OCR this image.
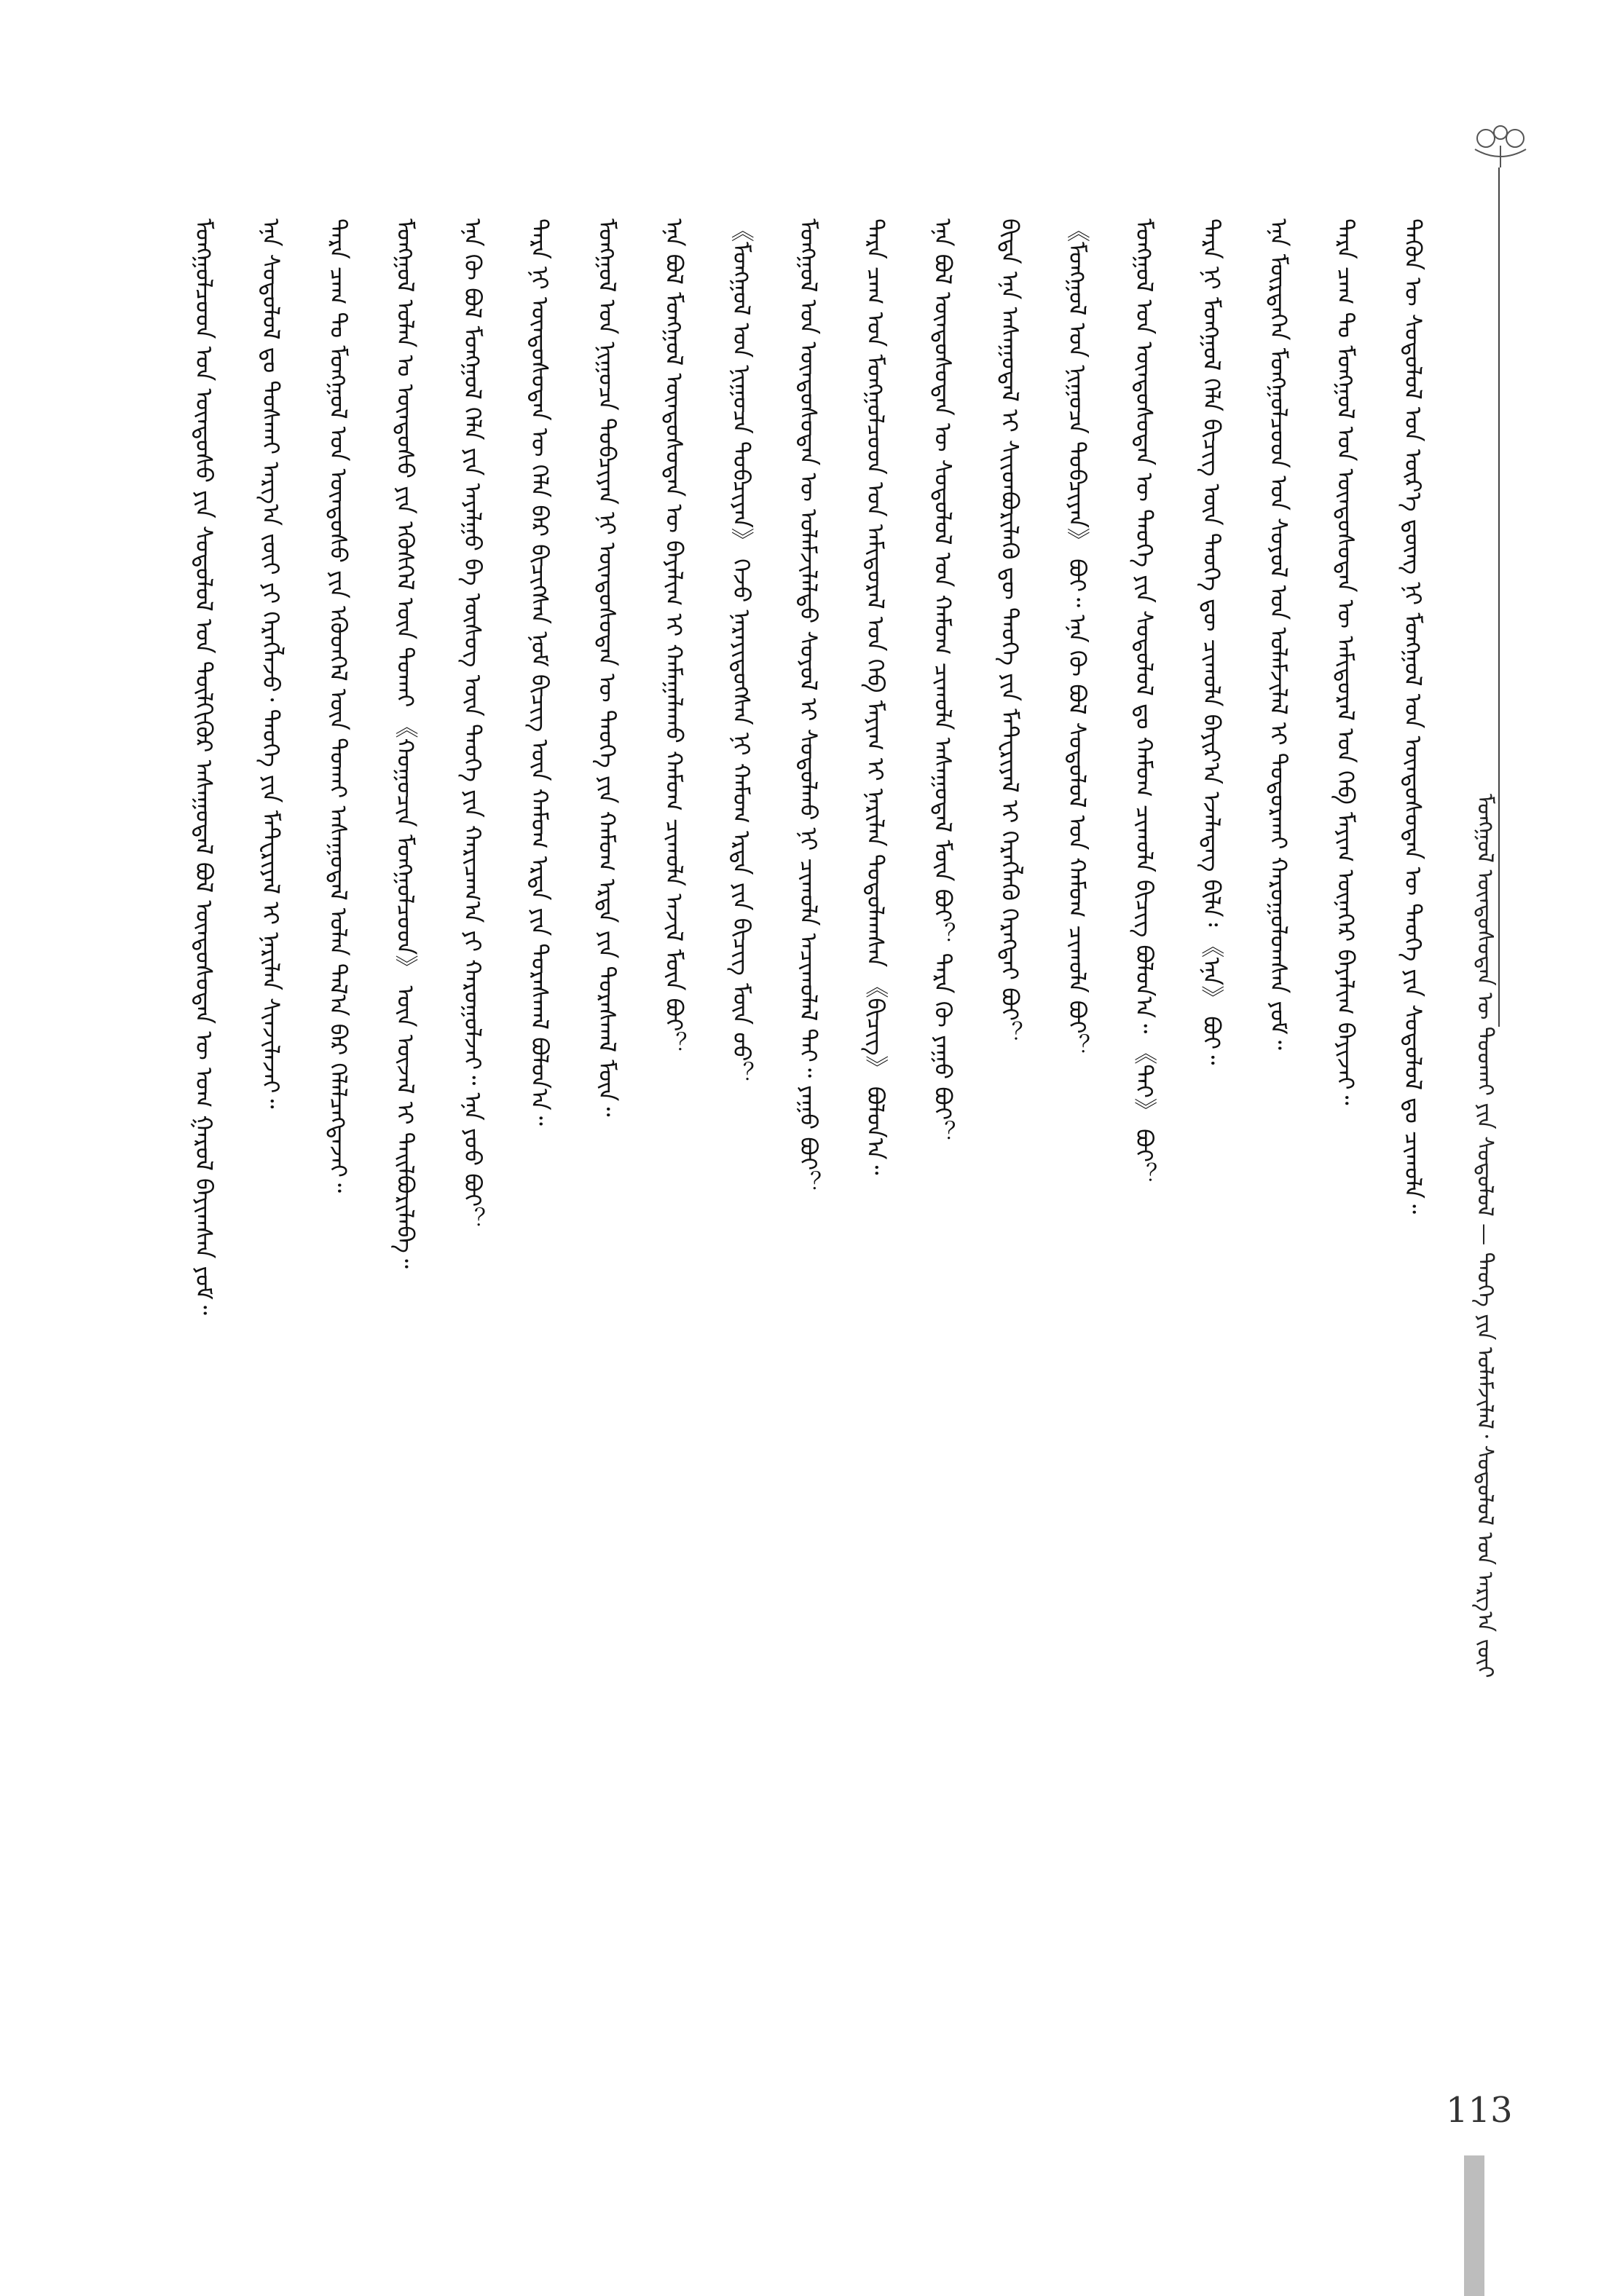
ᠮᠣᠩᠭᠣᠯ ᠦᠨᠳᠦᠰᠦᠲᠡᠨ ᠦ ᠲᠤᠤᠬᠠᠢ ᠶᠢᠨ ᠰᠤᠳᠤᠯᠤᠯ — ᠲᠡᠦᠬᠡ ᠶᠢᠨ ᠤᠯᠠᠮᠵᠢᠯᠠᠯ᠂ ᠰᠤᠳᠤᠯᠤᠯ ᠤᠨ ᠠᠷᠭ᠎ᠠ ᠵᠦᠢ
ᠮᠣᠩᠭᠣᠯᠴᠤᠳ ᠤᠨ ᠦᠨᠳᠦᠰᠦ ᠶᠢᠨ ᠰᠤᠳᠤᠯᠤᠯ ᠤᠨ ᠲᠦᠯᠬᠢᠭᠦᠷ ᠠᠰᠠᠭᠤᠳᠠᠯ ᠪᠣᠯ ᠦᠨᠳᠦᠰᠦᠲᠡᠨ ᠦ ᠤᠭ ᠭᠠᠷᠤᠯ ᠪᠠᠶᠢᠭᠰᠠᠨ ᠶᠤᠮ᠃ ᠡᠨᠡ ᠰᠤᠳᠤᠯᠤᠯ ᠳᠤ ᠲᠤᠰᠬᠠᠢ ᠠᠷᠭ᠎ᠠ ᠵᠦᠢ ᠶᠢ ᠬᠡᠷᠡᠭᠯᠡᠵᠦ᠂ ᠲᠡᠦᠬᠡ ᠶᠢᠨ ᠮᠠᠲ᠋ᠸᠷᠢᠶᠠᠯ ᠢ ᠨᠠᠷᠢᠯᠠᠨ ᠰᠢᠨᠵᠢᠯᠡᠵᠡᠢ᠃ ᠲᠡᠷᠡ ᠴᠠᠭ ᠲᠤ ᠮᠣᠩᠭᠣᠯ ᠤᠨ ᠦᠨᠳᠦᠰᠦ ᠶᠢᠨ ᠡᠭᠦᠳᠬᠡᠯ ᠦᠨ ᠲᠤᠬᠠᠢ ᠠᠰᠠᠭᠤᠳᠠᠯ ᠣᠯᠠᠨ ᠲᠠᠯ᠎ᠠ ᠪᠠᠷ ᠬᠡᠯᠡᠯᠴᠡᠭᠳᠡᠵᠡᠢ᠃ ᠮᠣᠩᠭᠣᠯ ᠣᠯᠠᠨ ᠤ ᠦᠨᠳᠦᠰᠦ ᠶᠢᠨ ᠡᠭᠦᠰᠬᠡᠯ ᠦᠨ ᠲᠤᠬᠠᠢ 《ᠬᠤᠭᠤᠴᠢᠨ ᠮᠣᠩᠭᠣᠯᠴᠤᠳ》 ᠦᠨ ᠦᠵᠡᠯ ᠢ ᠲᠠᠢᠯᠪᠤᠷᠢᠯᠠᠪᠠ᠃ ᠡᠨᠡ ᠬᠦ ᠪᠣᠯ ᠮᠣᠩᠭᠣᠯ ᠬᠡᠯᠡ ᠶᠢᠨ ᠠᠶᠠᠯᠭᠤ ᠪᠠ ᠦᠰᠦᠭ ᠦᠨ ᠲᠡᠦᠬᠡ ᠶᠢᠨ ᠬᠠᠷᠢᠴᠠᠭ᠎ᠠ ᠶᠢ ᠬᠠᠷᠤᠭᠤᠯᠵᠠᠢ᠃ ᠡᠨᠡ ᠶᠤᠤ ᠪᠤᠢ？ ᠲᠡᠷᠡ ᠨᠢ ᠦᠨᠳᠦᠰᠦᠲᠡᠨ ᠦ ᠬᠡᠯᠡ ᠪᠡᠷ ᠪᠢᠴᠢᠭᠰᠡᠨ ᠨᠣᠮ ᠪᠢᠴᠢᠭ ᠦᠨ ᠬᠠᠮᠤᠭ ᠡᠷᠲᠡ ᠶᠢᠨ ᠳᠤᠷᠠᠰᠬᠠᠯ ᠪᠣᠯᠤᠨ᠎ᠠ᠃ ᠮᠣᠩᠭᠣᠯ ᠤᠨ ᠨᠢᠭᠤᠴᠠ ᠲᠣᠪᠴᠢᠶᠠᠨ ᠨᠢ ᠦᠨᠳᠦᠰᠦᠲᠡᠨ ᠦ ᠲᠡᠦᠬᠡ ᠶᠢᠨ ᠬᠠᠮᠤᠭ ᠡᠷᠲᠡ ᠶᠢᠨ ᠳᠤᠷᠠᠰᠬᠠᠯ ᠮᠥᠨ᠃ ᠡᠨᠡ ᠪᠣᠯ ᠮᠣᠩᠭᠣᠯ ᠦᠨᠳᠦᠰᠦᠲᠡᠨ ᠦ ᠪᠠᠶᠠᠯᠢᠭ ᠢ ᠬᠠᠮᠠᠭᠠᠯᠠᠬᠤ ᠬᠠᠮᠤᠭ ᠴᠢᠬᠤᠯᠠ ᠠᠵᠢᠯ ᠮᠥᠨ ᠪᠤᠢ？ 《ᠮᠣᠩᠭᠣᠯ ᠤᠨ ᠨᠢᠭᠤᠴᠠ ᠲᠣᠪᠴᠢᠶᠠᠨ》 ᠬᠡᠵᠦ ᠨᠡᠷᠡᠶᠢᠳᠦᠭᠰᠡᠨ ᠨᠢ ᠬᠠᠮᠤᠭ ᠡᠷᠲᠡ ᠶᠢᠨ ᠪᠢᠴᠢᠭ ᠮᠥᠨ ᠤᠤ？ ᠮᠣᠩᠭᠣᠯ ᠤᠨ ᠦᠨᠳᠦᠰᠦᠲᠡᠨ ᠦ ᠤᠯᠠᠮᠵᠢᠯᠠᠯᠲᠤ ᠰᠣᠶᠣᠯ ᠢ ᠰᠤᠳᠤᠯᠬᠤ ᠨᠢ ᠴᠢᠬᠤᠯᠠ ᠠᠴᠢᠬᠤᠯᠠᠯ ᠲᠠᠢ᠃ ᠶᠠᠭᠤ ᠪᠤᠢ？ ᠲᠡᠷᠡ ᠴᠠᠭ ᠤᠨ ᠮᠣᠩᠭᠣᠯᠴᠤᠳ ᠤᠨ ᠠᠮᠢᠳᠤᠷᠠᠯ ᠤᠨ ᠬᠡᠪ ᠮᠠᠶᠢᠭ ᠢ ᠨᠠᠷᠢᠯᠠᠨ ᠲᠤᠲᠤᠯᠠᠭᠰᠠᠨ 《ᠪᠢᠴᠢᠭ》 ᠪᠤᠯᠤᠨ᠎ᠠ᠃ ᠡᠨᠡ ᠪᠣᠯ ᠦᠨᠳᠦᠰᠦᠲᠡᠨ ᠦ ᠰᠤᠳᠤᠯᠤᠯ ᠤᠨ ᠬᠠᠮᠤᠭ ᠴᠢᠬᠤᠯᠠ ᠠᠰᠠᠭᠤᠳᠠᠯ ᠮᠥᠨ ᠪᠤᠢ？ ᠲᠡᠷᠡ ᠬᠦ ᠶᠠᠭᠤ ᠪᠤᠢ？ ᠪᠢᠳᠡ ᠡᠨᠡ ᠠᠰᠠᠭᠤᠳᠠᠯ ᠢ ᠰᠢᠢᠳᠪᠦᠷᠢᠯᠡᠬᠦ ᠳᠦ ᠲᠡᠦᠬᠡ ᠶᠢᠨ ᠮᠠᠲ᠋ᠸᠷᠢᠶᠠᠯ ᠢ ᠬᠡᠷᠡᠭᠯᠡᠬᠦ ᠬᠡᠷᠡᠭᠲᠡᠢ ᠪᠤᠢ？ 《ᠮᠣᠩᠭᠣᠯ ᠤᠨ ᠨᠢᠭᠤᠴᠠ ᠲᠣᠪᠴᠢᠶᠠᠨ》 ᠪᠤᠢ᠃ ᠡᠨᠡ ᠬᠦ ᠪᠣᠯ ᠰᠤᠳᠤᠯᠤᠯ ᠤᠨ ᠬᠠᠮᠤᠭ ᠴᠢᠬᠤᠯᠠ ᠪᠤᠢ？ ᠮᠣᠩᠭᠣᠯ ᠤᠨ ᠦᠨᠳᠦᠰᠦᠲᠡᠨ ᠦ ᠲᠡᠦᠬᠡ ᠶᠢᠨ ᠰᠤᠳᠤᠯᠤᠯ ᠳᠤ ᠬᠠᠮᠤᠭ ᠴᠢᠬᠤᠯᠠ ᠪᠢᠴᠢᠭ ᠪᠣᠯᠤᠨ᠎ᠠ᠃ 《ᠲᠠᠢ》 ᠪᠤᠢ？ ᠲᠡᠷᠡ ᠨᠢ ᠮᠣᠩᠭᠣᠯ ᠬᠡᠯᠡ ᠪᠢᠴᠢᠭ ᠦᠨ ᠲᠡᠦᠬᠡ ᠳᠦ ᠴᠢᠬᠤᠯᠠ ᠪᠠᠶᠢᠷ᠎ᠠ ᠡᠵᠡᠯᠡᠳᠡᠭ ᠪᠢᠯᠡ᠄ 《ᠡᠨᠡ》 ᠪᠤᠢ᠃ ᠡᠨᠡ ᠮᠥᠷᠲᠡᠭᠡᠨ ᠮᠣᠩᠭᠣᠯᠴᠤᠳ ᠤᠨ ᠰᠣᠶᠣᠯ ᠤᠨ ᠤᠯᠠᠮᠵᠢᠯᠠᠯ ᠢ ᠲᠣᠳᠤᠷᠬᠠᠢ ᠬᠠᠷᠤᠭᠤᠯᠤᠭᠰᠠᠨ ᠶᠤᠮ᠃ ᠲᠡᠷᠡ ᠴᠠᠭ ᠲᠤ ᠮᠣᠩᠭᠣᠯ ᠤᠨ ᠦᠨᠳᠦᠰᠦᠲᠡᠨ ᠦ ᠠᠮᠢᠳᠤᠷᠠᠯ ᠤᠨ ᠬᠡᠪ ᠮᠠᠶᠢᠭ ᠦᠨᠡᠬᠡᠷ ᠪᠠᠶᠠᠯᠢᠭ ᠪᠠᠶᠢᠵᠠᠢ᠃ ᠲᠡᠭᠦᠨ ᠦ ᠰᠤᠳᠤᠯᠤᠯ ᠤᠨ ᠦᠷ᠎ᠡ ᠳ᠋ᠦᠩ ᠨᠢ ᠮᠣᠩᠭᠣᠯ ᠤᠨ ᠦᠨᠳᠦᠰᠦᠲᠡᠨ ᠦ ᠲᠡᠦᠬᠡ ᠶᠢᠨ ᠰᠤᠳᠤᠯᠤᠯ ᠳᠤ ᠴᠢᠬᠤᠯᠠ᠃
113
